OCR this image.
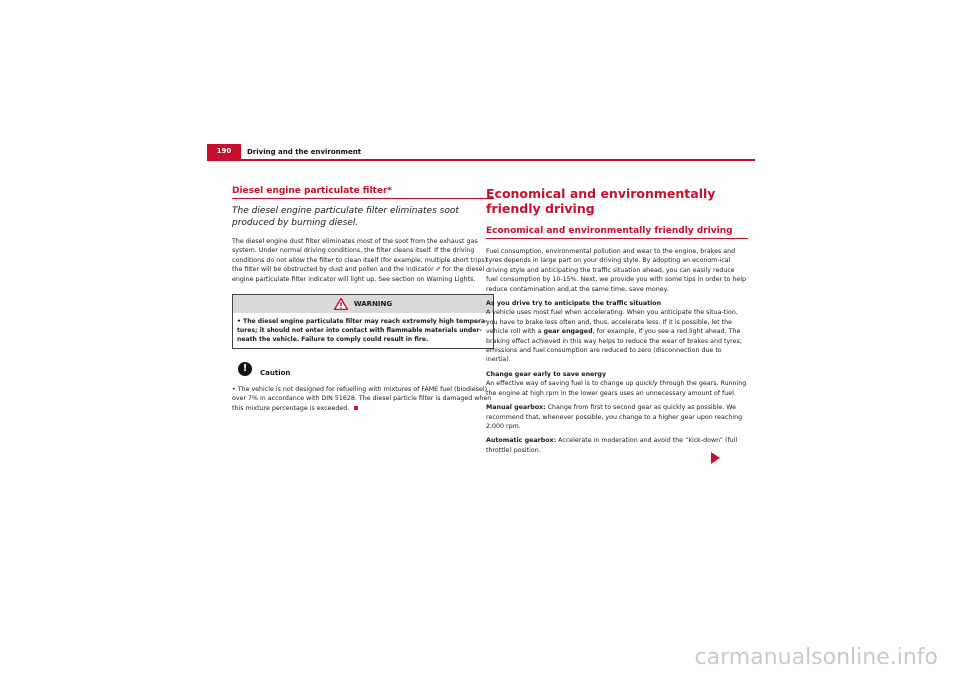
190	Driving and the environment
Diesel engine particulate filter*
The diesel engine particulate filter eliminates soot produced by burning diesel.

The diesel engine dust filter eliminates most of the soot from the exhaust gas system. Under normal driving conditions, the filter cleans itself. If the driving conditions do not allow the filter to clean itself (for example, multiple short trips) the filter will be obstructed by dust and pollen and the indicator ✐ for the diesel engine particulate filter indicator will light up. See section on Warning Lights.

WARNING
• The diesel engine particulate filter may reach extremely high tempera-tures; it should not enter into contact with flammable materials under-neath the vehicle. Failure to comply could result in fire.
!	Caution

• The vehicle is not designed for refuelling with mixtures of FAME fuel (biodiesel) over 7% in accordance with DIN 51628. The diesel particle filter is damaged when this mixture percentage is exceeded.

Economical and environmentally friendly driving
Economical and environmentally friendly driving

Fuel consumption, environmental pollution and wear to the engine, brakes and tyres depends in large part on your driving style. By adopting an econom-ical driving style and anticipating the traffic situation ahead, you can easily reduce fuel consumption by 10-15%. Next, we provide you with some tips in order to help reduce contamination and,at the same time, save money.

As you drive try to anticipate the traffic situation
A vehicle uses most fuel when accelerating. When you anticipate the situa-tion, you have to brake less often and, thus, accelerate less. If it is possible, let the vehicle roll with a gear engaged, for example, if you see a red light ahead. The braking effect achieved in this way helps to reduce the wear of brakes and tyres; emissions and fuel consumption are reduced to zero (disconnection due to inertia).

Change gear early to save energy
An effective way of saving fuel is to change up quickly through the gears. Running the engine at high rpm in the lower gears uses an unnecessary amount of fuel.

Manual gearbox: Change from first to second gear as quickly as possible. We recommend that, whenever possible, you change to a higher gear upon reaching 2,000 rpm.

Automatic gearbox: Accelerate in moderation and avoid the “kick-down” (full throttle) position.

carmanualsonline.info
